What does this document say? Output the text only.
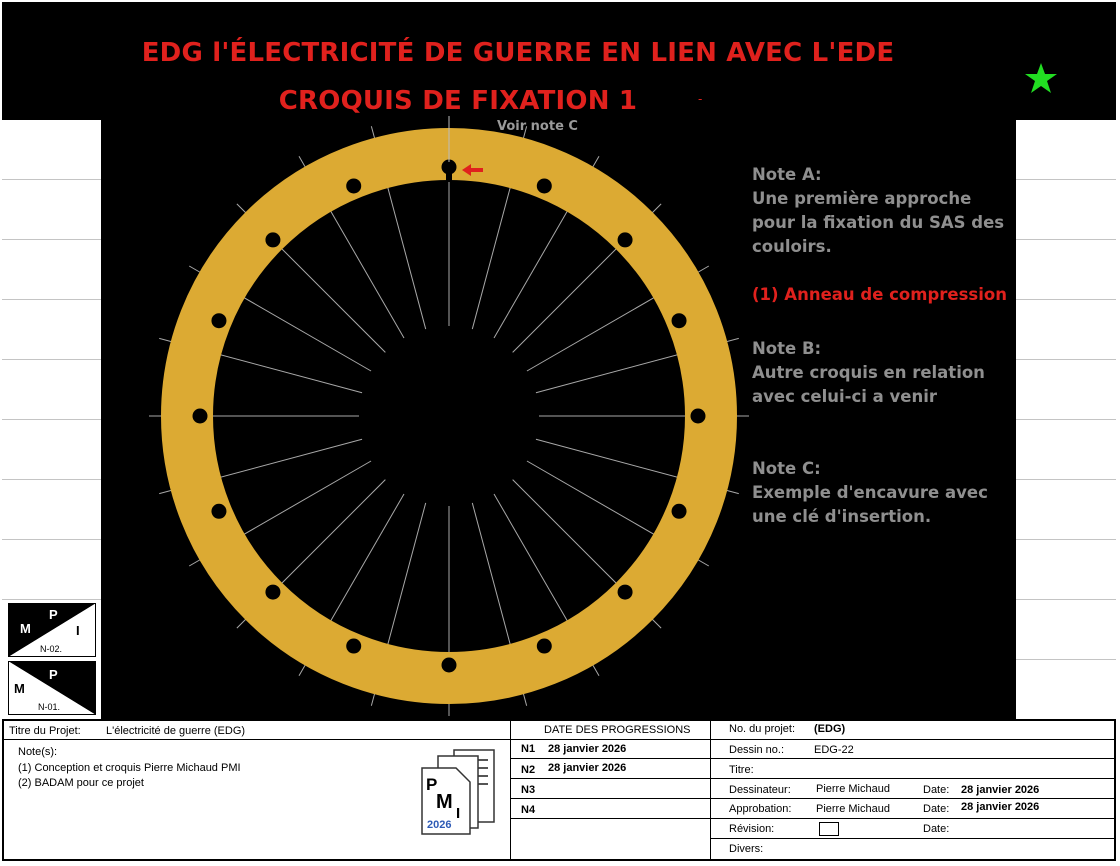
EDG l'ÉLECTRICITÉ DE GUERRE EN LIEN AVEC L'EDE
CROQUIS DE FIXATION 1	-
Voir note C
Note A:
Une première approche
pour la fixation du SAS des
couloirs.
(1) Anneau de compression
Note B:
Autre croquis en relation
avec celui-ci a venir
Note C:
Exemple d'encavure avec
une clé d'insertion.
M
P
I
N-02.
M
P
I
N-01.
Titre du Projet: L'électricité de guerre (EDG)
Note(s):
(1) Conception et croquis Pierre Michaud PMI
(2) BADAM pour ce projet	P
M
I
2026
DATE DES PROGRESSIONS
N1 28 janvier 2026
N2 28 janvier 2026
N3
N4
No. du projet: (EDG)
Dessin no.:	EDG-22
Titre:
Dessinateur: Pierre Michaud	Date: 28 janvier 2026
Approbation: Pierre Michaud	Date: 28 janvier 2026
Révision:	Date:
Divers:
